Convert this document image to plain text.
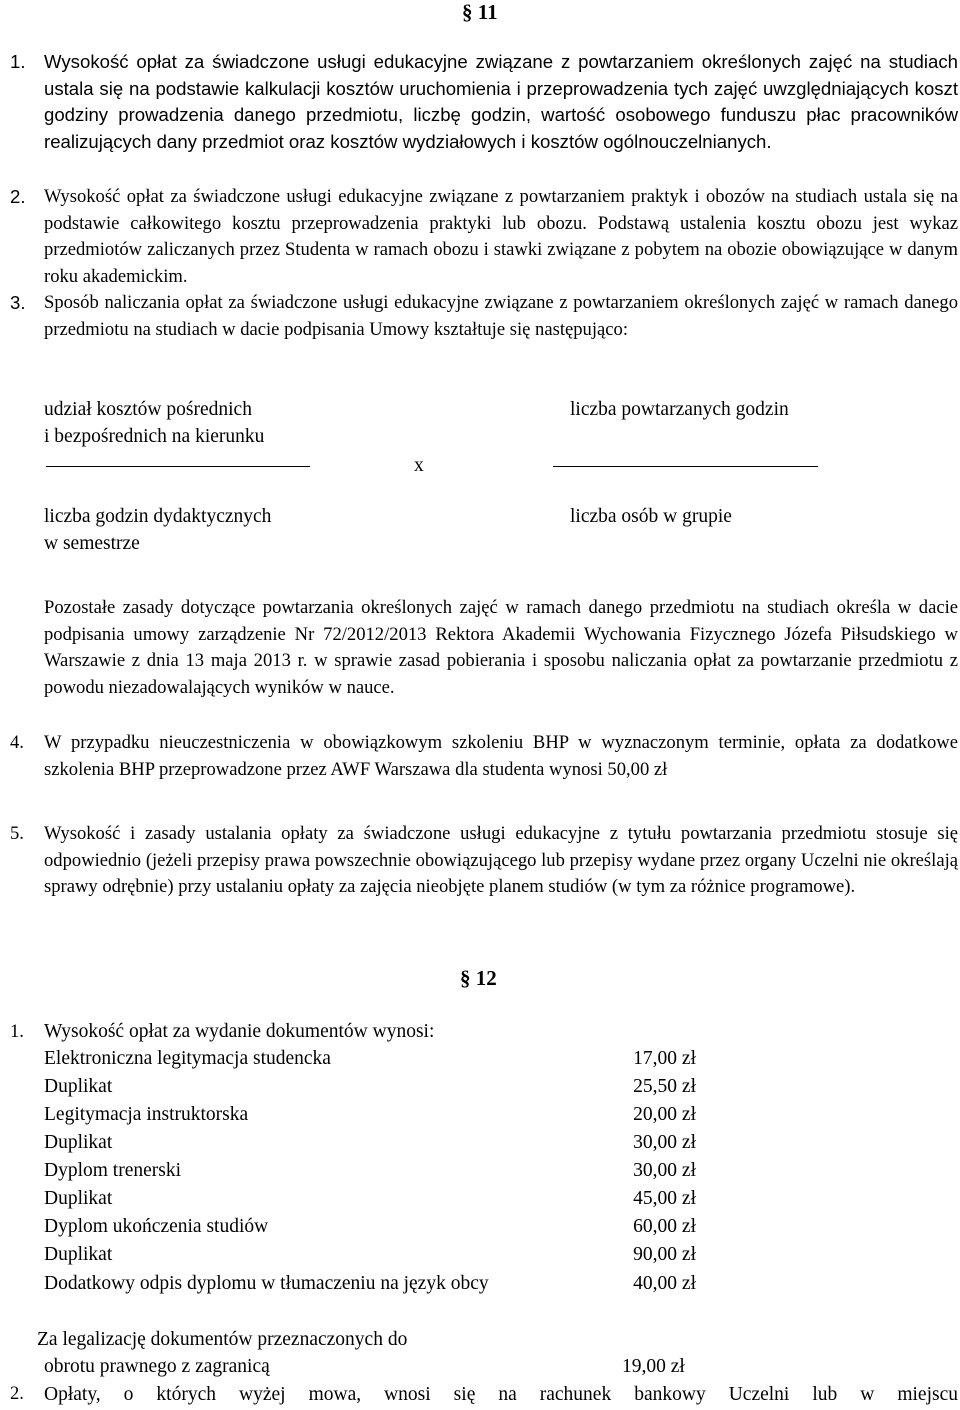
§ 11
1. Wysokość opłat za świadczone usługi edukacyjne związane z powtarzaniem określonych zajęć na studiach ustala się na podstawie kalkulacji kosztów uruchomienia i przeprowadzenia tych zajęć uwzględniających koszt godziny prowadzenia danego przedmiotu, liczbę godzin, wartość osobowego funduszu płac pracowników realizujących dany przedmiot oraz kosztów wydziałowych i kosztów ogólnouczelnianych.

2. Wysokość opłat za świadczone usługi edukacyjne związane z powtarzaniem praktyk i obozów na studiach ustala się na podstawie całkowitego kosztu przeprowadzenia praktyki lub obozu. Podstawą ustalenia kosztu obozu jest wykaz przedmiotów zaliczanych przez Studenta w ramach obozu i stawki związane z pobytem na obozie obowiązujące w danym roku akademickim.

3. Sposób naliczania opłat za świadczone usługi edukacyjne związane z powtarzaniem określonych zajęć w ramach danego przedmiotu na studiach w dacie podpisania Umowy kształtuje się następująco:

udział kosztów pośrednich
i bezpośrednich na kierunku
x
liczba powtarzanych godzin
liczba godzin dydaktycznych
w semestrze
liczba osób w grupie

Pozostałe zasady dotyczące powtarzania określonych zajęć w ramach danego przedmiotu na studiach określa w dacie podpisania umowy zarządzenie Nr 72/2012/2013 Rektora Akademii Wychowania Fizycznego Józefa Piłsudskiego w Warszawie z dnia 13 maja 2013 r. w sprawie zasad pobierania i sposobu naliczania opłat za powtarzanie przedmiotu z powodu niezadowalających wyników w nauce.

4. W przypadku nieuczestniczenia w obowiązkowym szkoleniu BHP w wyznaczonym terminie, opłata za dodatkowe szkolenia BHP przeprowadzone przez AWF Warszawa dla studenta wynosi 50,00 zł

5. Wysokość i zasady ustalania opłaty za świadczone usługi edukacyjne z tytułu powtarzania przedmiotu stosuje się odpowiednio (jeżeli przepisy prawa powszechnie obowiązującego lub przepisy wydane przez organy Uczelni nie określają sprawy odrębnie) przy ustalaniu opłaty za zajęcia nieobjęte planem studiów (w tym za różnice programowe).

§ 12
1. Wysokość opłat za wydanie dokumentów wynosi:
Elektroniczna legitymacja studencka	17,00 zł
Duplikat	25,50 zł
Legitymacja instruktorska	20,00 zł
Duplikat	30,00 zł
Dyplom trenerski	30,00 zł
Duplikat	45,00 zł
Dyplom ukończenia studiów	60,00 zł
Duplikat	90,00 zł
Dodatkowy odpis dyplomu w tłumaczeniu na język obcy	40,00 zł
Za legalizację dokumentów przeznaczonych do
obrotu prawnego z zagranicą	19,00 zł
2. Opłaty, o których wyżej mowa, wnosi się na rachunek bankowy Uczelni lub w miejscu
